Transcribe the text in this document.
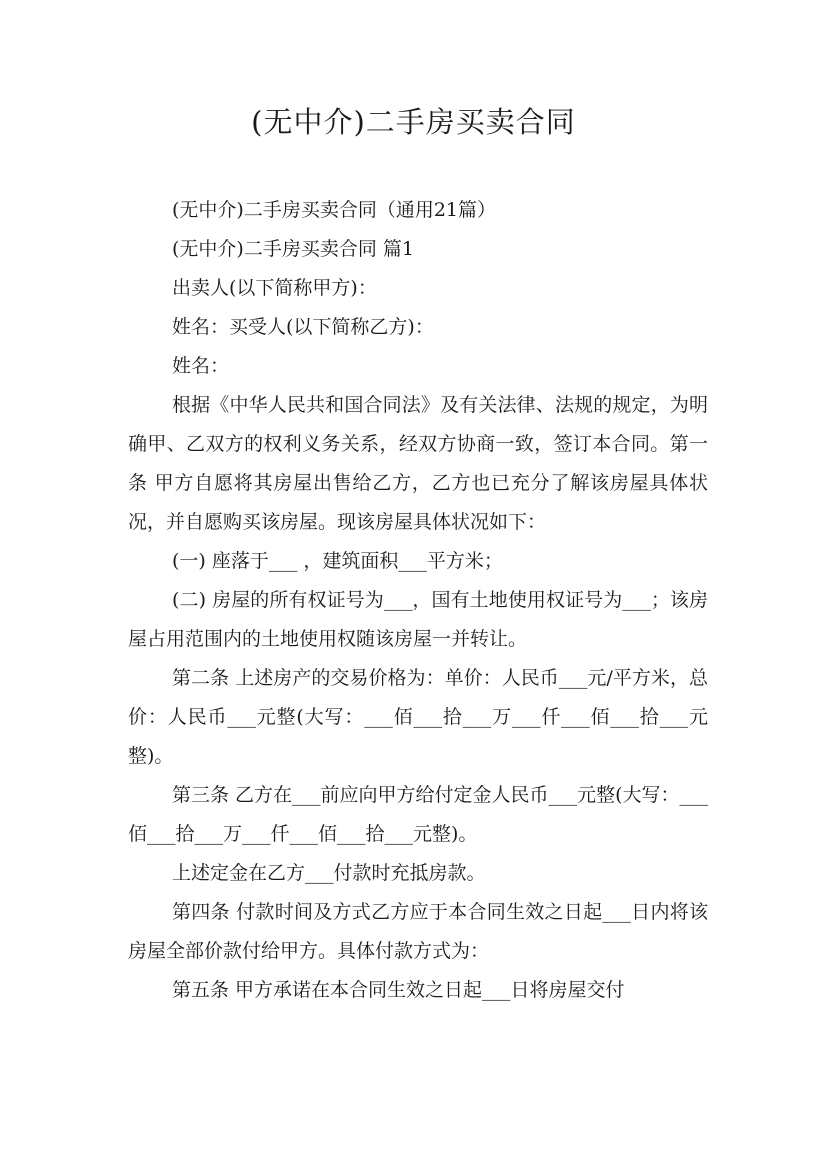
(无中介)二手房买卖合同

(无中介)二手房买卖合同（通用21篇）

(无中介)二手房买卖合同 篇1

出卖人(以下简称甲方)：

姓名：买受人(以下简称乙方)：

姓名：

根据《中华人民共和国合同法》及有关法律、法规的规定，为明确甲、乙双方的权利义务关系，经双方协商一致，签订本合同。第一条 甲方自愿将其房屋出售给乙方，乙方也已充分了解该房屋具体状况，并自愿购买该房屋。现该房屋具体状况如下：

(一) 座落于___ ，建筑面积___平方米；

(二) 房屋的所有权证号为___，国有土地使用权证号为___；该房屋占用范围内的土地使用权随该房屋一并转让。

第二条 上述房产的交易价格为：单价：人民币___元/平方米，总价：人民币___元整(大写：___佰___拾___万___仟___佰___拾___元整)。

第三条 乙方在___前应向甲方给付定金人民币___元整(大写：___佰___拾___万___仟___佰___拾___元整)。

上述定金在乙方___付款时充抵房款。

第四条 付款时间及方式乙方应于本合同生效之日起___日内将该房屋全部价款付给甲方。具体付款方式为：

第五条 甲方承诺在本合同生效之日起___日将房屋交付
